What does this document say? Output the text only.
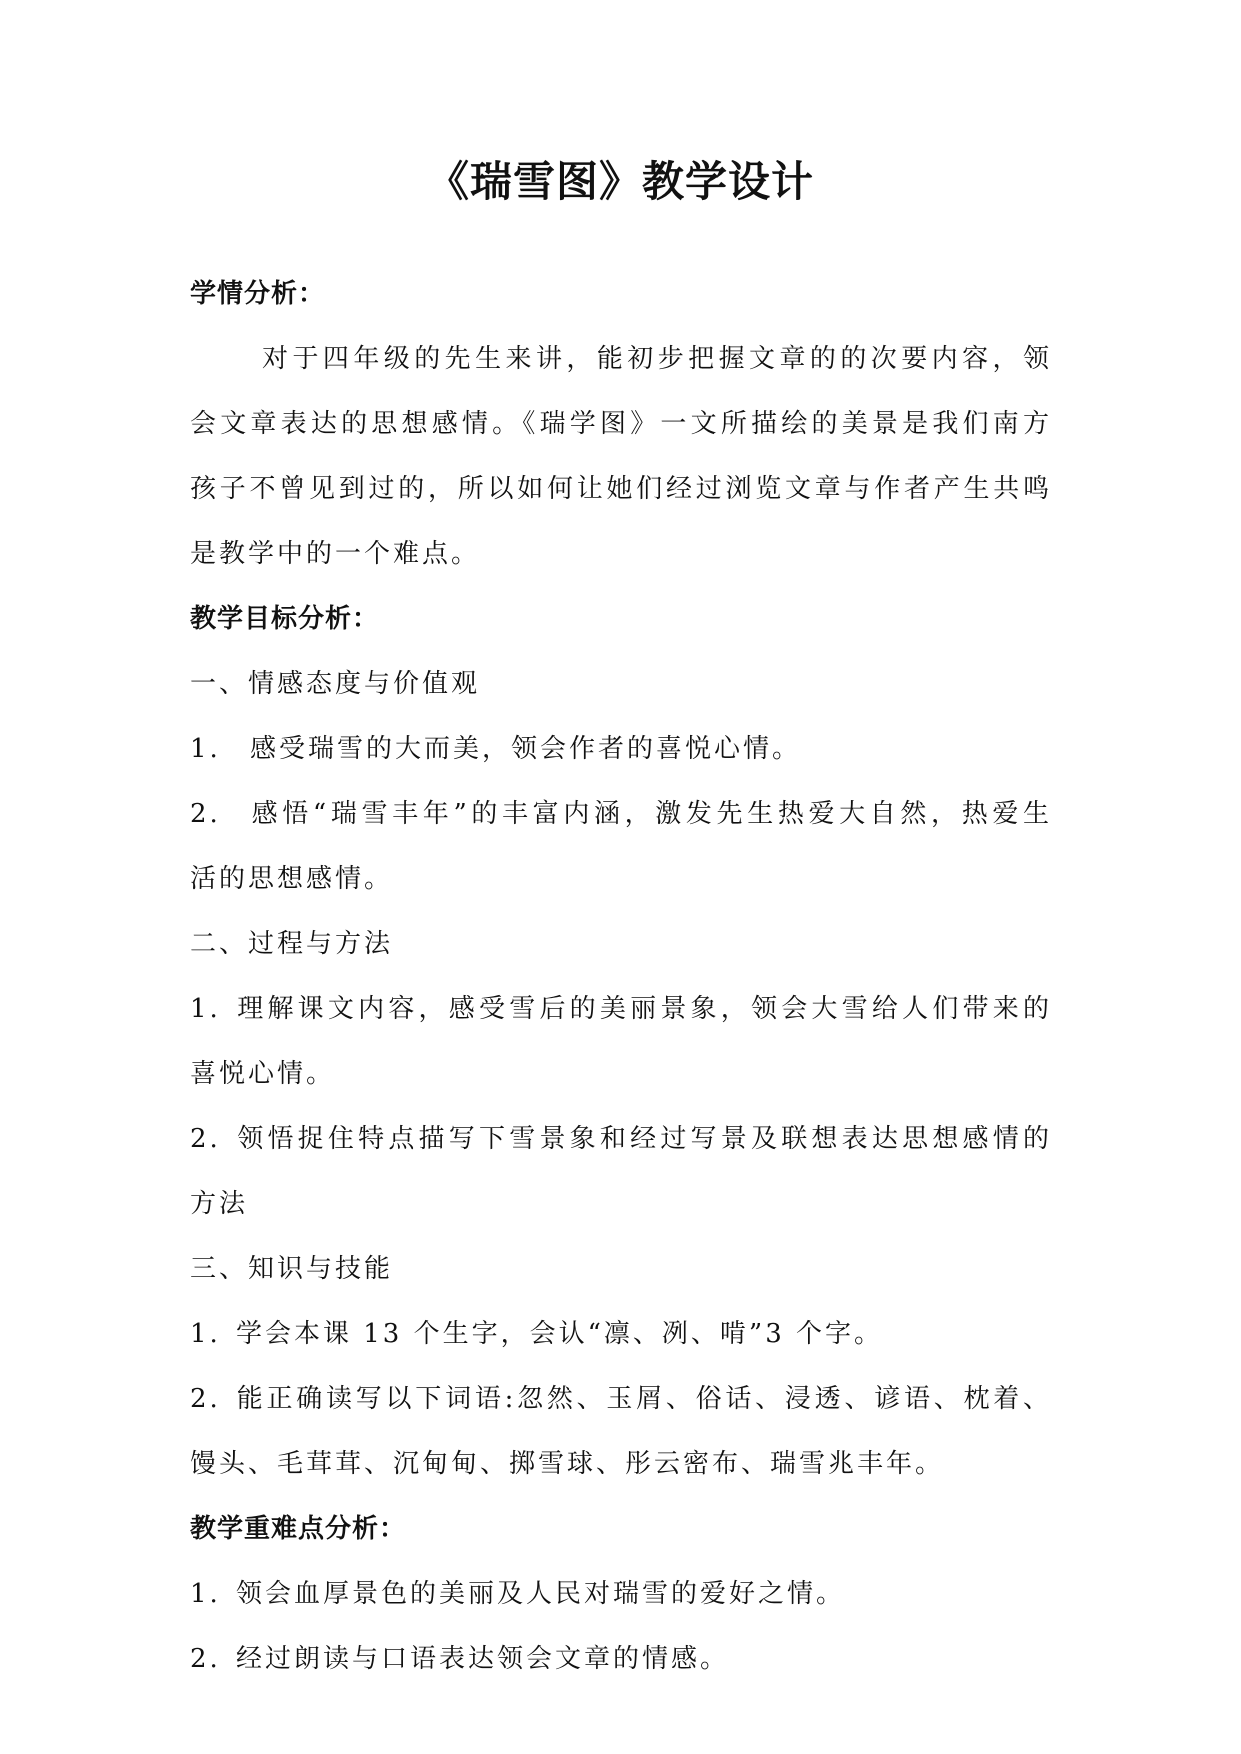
《瑞雪图》教学设计
学情分析：
对于四年级的先生来讲，能初步把握文章的的次要内容，领
会文章表达的思想感情。《瑞学图》一文所描绘的美景是我们南方
孩子不曾见到过的，所以如何让她们经过浏览文章与作者产生共鸣
是教学中的一个难点。
教学目标分析：
一、情感态度与价值观
1. 感受瑞雪的大而美，领会作者的喜悦心情。
2. 感悟“瑞雪丰年”的丰富内涵，激发先生热爱大自然，热爱生
活的思想感情。
二、过程与方法
1. 理解课文内容，感受雪后的美丽景象，领会大雪给人们带来的
喜悦心情。
2. 领悟捉住特点描写下雪景象和经过写景及联想表达思想感情的
方法
三、知识与技能
1. 学会本课 13 个生字，会认“凛、冽、啃”3 个字。
2. 能正确读写以下词语:忽然、玉屑、俗话、浸透、谚语、枕着、
馒头、毛茸茸、沉甸甸、掷雪球、彤云密布、瑞雪兆丰年。
教学重难点分析：
1. 领会血厚景色的美丽及人民对瑞雪的爱好之情。
2. 经过朗读与口语表达领会文章的情感。
